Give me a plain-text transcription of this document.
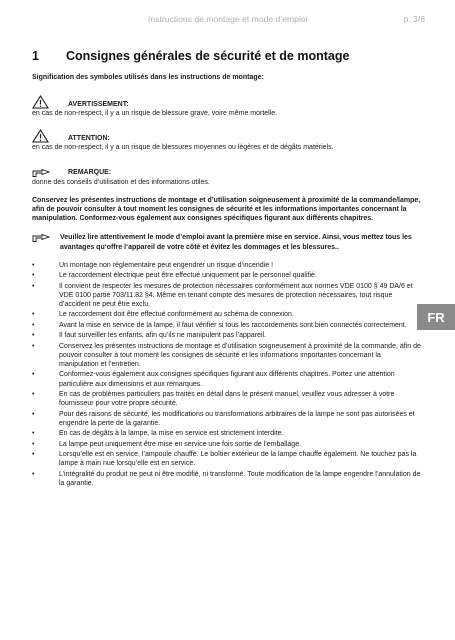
Instructions de montage et mode d’emploi	p. 3/8
1 Consignes générales de sécurité et de montage
Signification des symboles utilisés dans les instructions de montage:
AVERTISSEMENT:
en cas de non-respect, il y a un risque de blessure grave, voire même mortelle.
ATTENTION:
en cas de non-respect, il y a un risque de blessures moyennes ou légères et de dégâts matériels.
REMARQUE:
donne des conseils d’utilisation et des informations utiles.
Conservez les présentes instructions de montage et d’utilisation soigneusement à proximité de la commande/lampe, afin de pouvoir consulter à tout moment les consignes de sécurité et les informations importantes concernant la manipulation. Conformez-vous également aux consignes spécifiques figurant aux différents chapitres.
Veuillez lire attentivement le mode d’emploi avant la première mise en service. Ainsi, vous mettez tous les avantages qu‘offre l‘appareil de votre côté et évitez les dommages et les blessures..
• Un montage non réglementaire peut engendrer un risque d’incendie !
• Le raccordement électrique peut être effectué uniquement par le personnel qualifié.
• Il convient de respecter les mesures de protection nécessaires conformément aux normes VDE 0100 § 49 DA/6 et VDE 0100 partie 703/11.82 §4. Même en tenant compte des mesures de protection nécessaires, tout risque d’accident ne peut être exclu.
• Le raccordement doit être effectué conformément au schéma de connexion.
• Avant la mise en service de la lampe, il faut vérifier si tous les raccordements sont bien connectés correctement.
• Il faut surveiller les enfants, afin qu’ils ne manipulent pas l’appareil.
• Conservez les présentes instructions de montage et d’utilisation soigneusement à proximité de la commande, afin de pouvoir consulter à tout moment les consignes de sécurité et les informations importantes concernant la manipulation et l’entretien.
• Conformez-vous également aux consignes spécifiques figurant aux différents chapitres. Portez une attention particulière aux dimensions et aux remarques.
• En cas de problèmes particuliers pas traités en détail dans le présent manuel, veuillez vous adresser à votre fournisseur pour votre propre sécurité.
• Pour des raisons de sécurité, les modifications ou transformations arbitraires de la lampe ne sont pas autorisées et engendre la perte de la garantie.
• En cas de dégâts à la lampe, la mise en service est strictement interdite.
• La lampe peut uniquement être mise en service une fois sortie de l’emballage.
• Lorsqu’elle est en service, l’ampoule chauffe. Le boîtier extérieur de la lampe chauffe également. Ne touchez pas la lampe à main nue lorsqu’elle est en service.
• L’intégralité du produit ne peut ni être modifié, ni transformé. Toute modification de la lampe engendre l’annulation de la garantie.
FR
